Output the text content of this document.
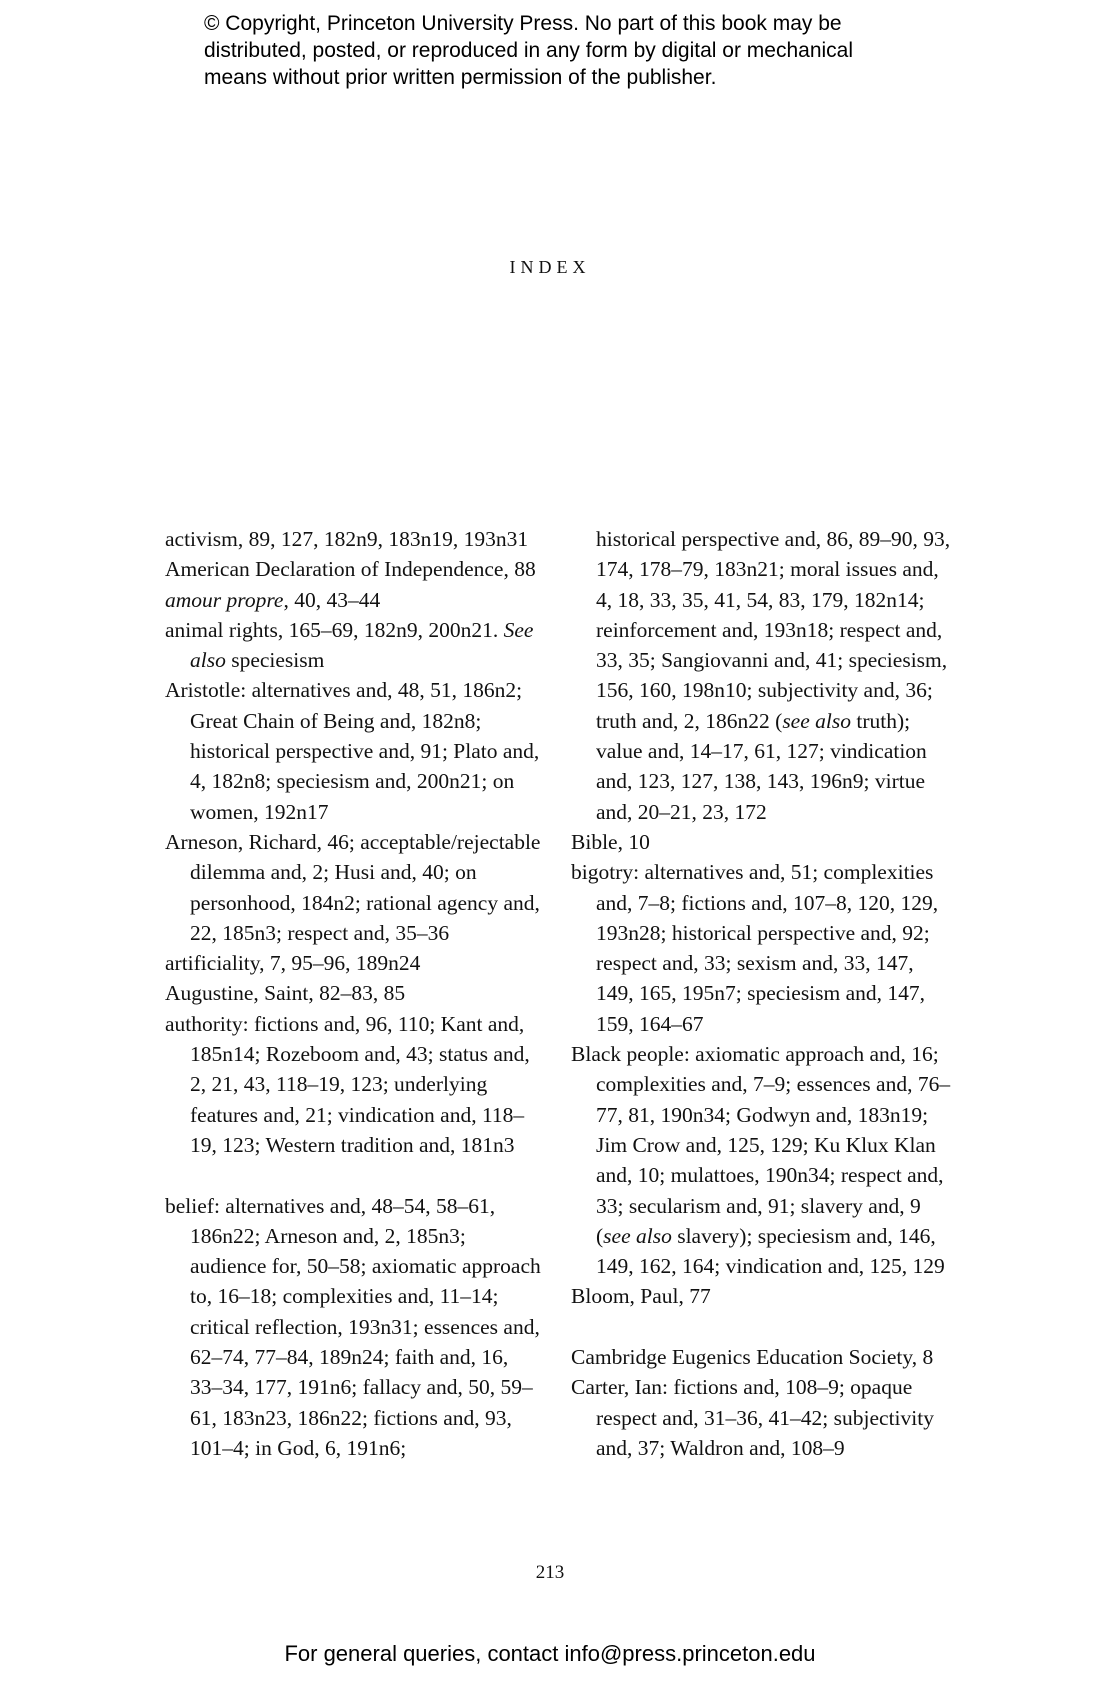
© Copyright, Princeton University Press. No part of this book may be
distributed, posted, or reproduced in any form by digital or mechanical
means without prior written permission of the publisher.
index
activism, 89, 127, 182n9, 183n19, 193n31
American Declaration of Independence, 88
amour propre, 40, 43–44
animal rights, 165–69, 182n9, 200n21. See also speciesism
Aristotle: alternatives and, 48, 51, 186n2; Great Chain of Being and, 182n8; historical perspective and, 91; Plato and, 4, 182n8; speciesism and, 200n21; on women, 192n17
Arneson, Richard, 46; acceptable/rejectable dilemma and, 2; Husi and, 40; on personhood, 184n2; rational agency and, 22, 185n3; respect and, 35–36
artificiality, 7, 95–96, 189n24
Augustine, Saint, 82–83, 85
authority: fictions and, 96, 110; Kant and, 185n14; Rozeboom and, 43; status and, 2, 21, 43, 118–19, 123; underlying features and, 21; vindication and, 118–19, 123; Western tradition and, 181n3
belief: alternatives and, 48–54, 58–61, 186n22; Arneson and, 2, 185n3; audience for, 50–58; axiomatic approach to, 16–18; complexities and, 11–14; critical reflection, 193n31; essences and, 62–74, 77–84, 189n24; faith and, 16, 33–34, 177, 191n6; fallacy and, 50, 59–61, 183n23, 186n22; fictions and, 93, 101–4; in God, 6, 191n6;
historical perspective and, 86, 89–90, 93, 174, 178–79, 183n21; moral issues and, 4, 18, 33, 35, 41, 54, 83, 179, 182n14; reinforcement and, 193n18; respect and, 33, 35; Sangiovanni and, 41; speciesism, 156, 160, 198n10; subjectivity and, 36; truth and, 2, 186n22 (see also truth); value and, 14–17, 61, 127; vindication and, 123, 127, 138, 143, 196n9; virtue and, 20–21, 23, 172
Bible, 10
bigotry: alternatives and, 51; complexities and, 7–8; fictions and, 107–8, 120, 129, 193n28; historical perspective and, 92; respect and, 33; sexism and, 33, 147, 149, 165, 195n7; speciesism and, 147, 159, 164–67
Black people: axiomatic approach and, 16; complexities and, 7–9; essences and, 76–77, 81, 190n34; Godwyn and, 183n19; Jim Crow and, 125, 129; Ku Klux Klan and, 10; mulattoes, 190n34; respect and, 33; secularism and, 91; slavery and, 9 (see also slavery); speciesism and, 146, 149, 162, 164; vindication and, 125, 129
Bloom, Paul, 77
Cambridge Eugenics Education Society, 8
Carter, Ian: fictions and, 108–9; opaque respect and, 31–36, 41–42; subjectivity and, 37; Waldron and, 108–9
213
For general queries, contact info@press.princeton.edu
